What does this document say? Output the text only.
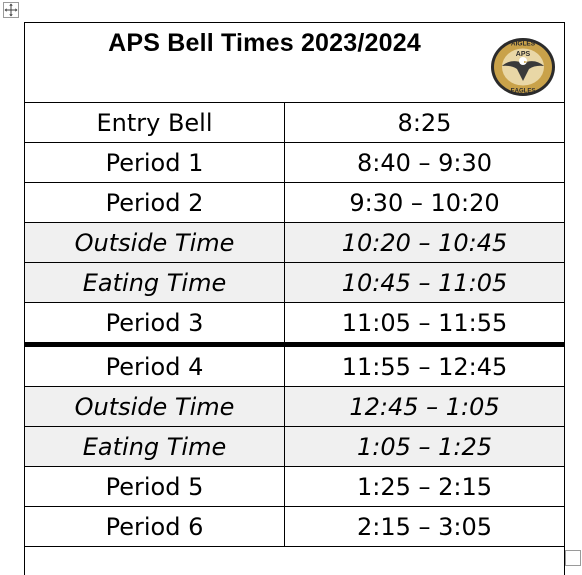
APS Bell Times 2023/2024	AIGLES
APS
EAGLES
Entry Bell	8:25
Period 1	8:40 – 9:30
Period 2	9:30 – 10:20
Outside Time	10:20 – 10:45
Eating Time	10:45 – 11:05
Period 3	11:05 – 11:55
Period 4	11:55 – 12:45
Outside Time	12:45 – 1:05
Eating Time	1:05 – 1:25
Period 5	1:25 – 2:15
Period 6	2:15 – 3:05
